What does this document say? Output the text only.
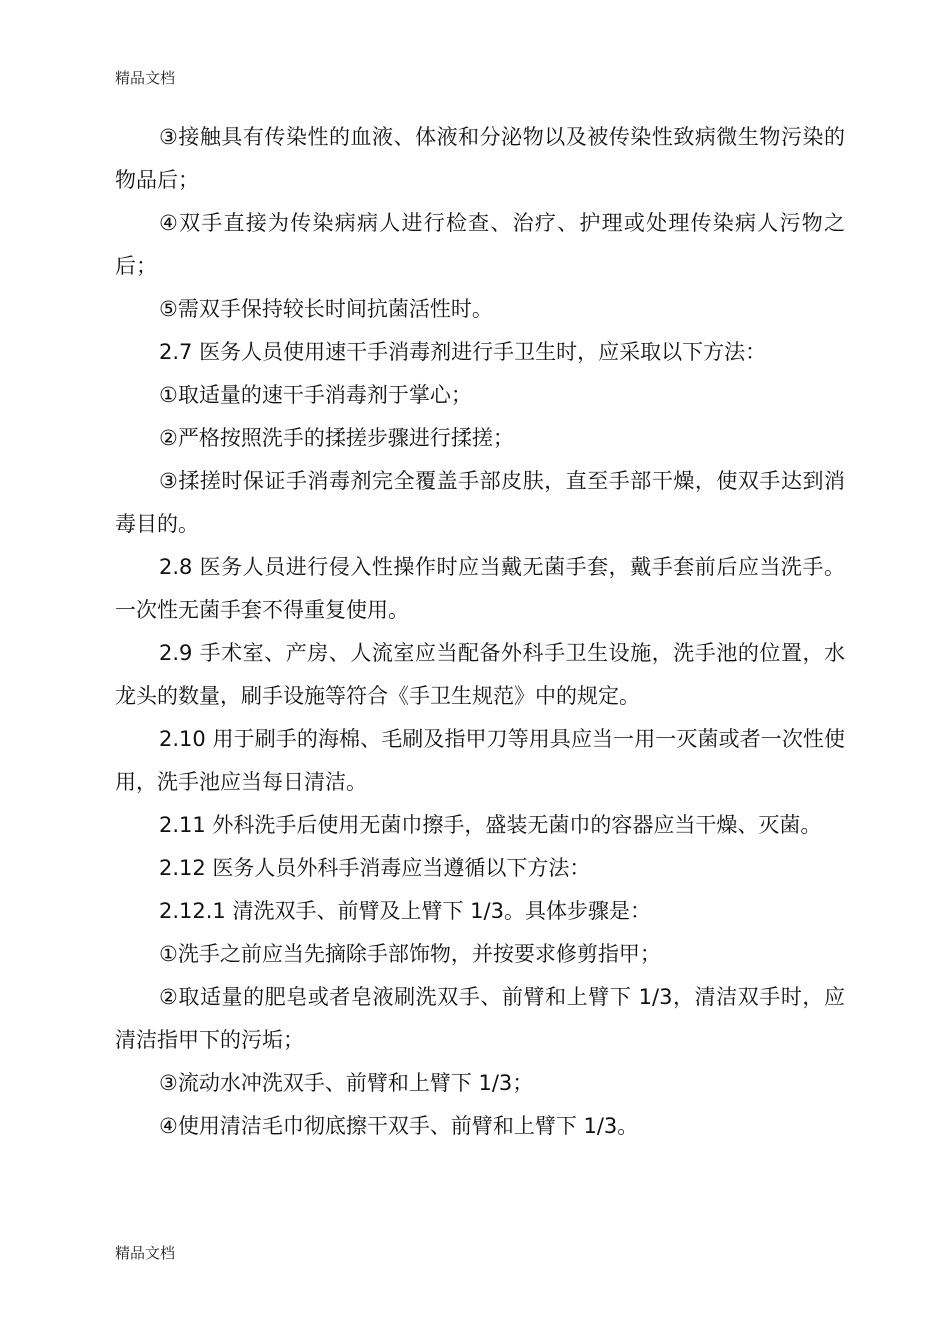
精品文档

③接触具有传染性的血液、体液和分泌物以及被传染性致病微生物污染的物品后；

④双手直接为传染病病人进行检查、治疗、护理或处理传染病人污物之后；

⑤需双手保持较长时间抗菌活性时。

2.7 医务人员使用速干手消毒剂进行手卫生时，应采取以下方法：

①取适量的速干手消毒剂于掌心；

②严格按照洗手的揉搓步骤进行揉搓；

③揉搓时保证手消毒剂完全覆盖手部皮肤，直至手部干燥，使双手达到消毒目的。

2.8 医务人员进行侵入性操作时应当戴无菌手套，戴手套前后应当洗手。一次性无菌手套不得重复使用。

2.9 手术室、产房、人流室应当配备外科手卫生设施，洗手池的位置，水龙头的数量，刷手设施等符合《手卫生规范》中的规定。

2.10 用于刷手的海棉、毛刷及指甲刀等用具应当一用一灭菌或者一次性使用，洗手池应当每日清洁。

2.11 外科洗手后使用无菌巾擦手，盛装无菌巾的容器应当干燥、灭菌。

2.12 医务人员外科手消毒应当遵循以下方法：

2.12.1 清洗双手、前臂及上臂下 1/3。具体步骤是：

①洗手之前应当先摘除手部饰物，并按要求修剪指甲；

②取适量的肥皂或者皂液刷洗双手、前臂和上臂下 1/3，清洁双手时，应清洁指甲下的污垢；

③流动水冲洗双手、前臂和上臂下 1/3；

④使用清洁毛巾彻底擦干双手、前臂和上臂下 1/3。

精品文档
